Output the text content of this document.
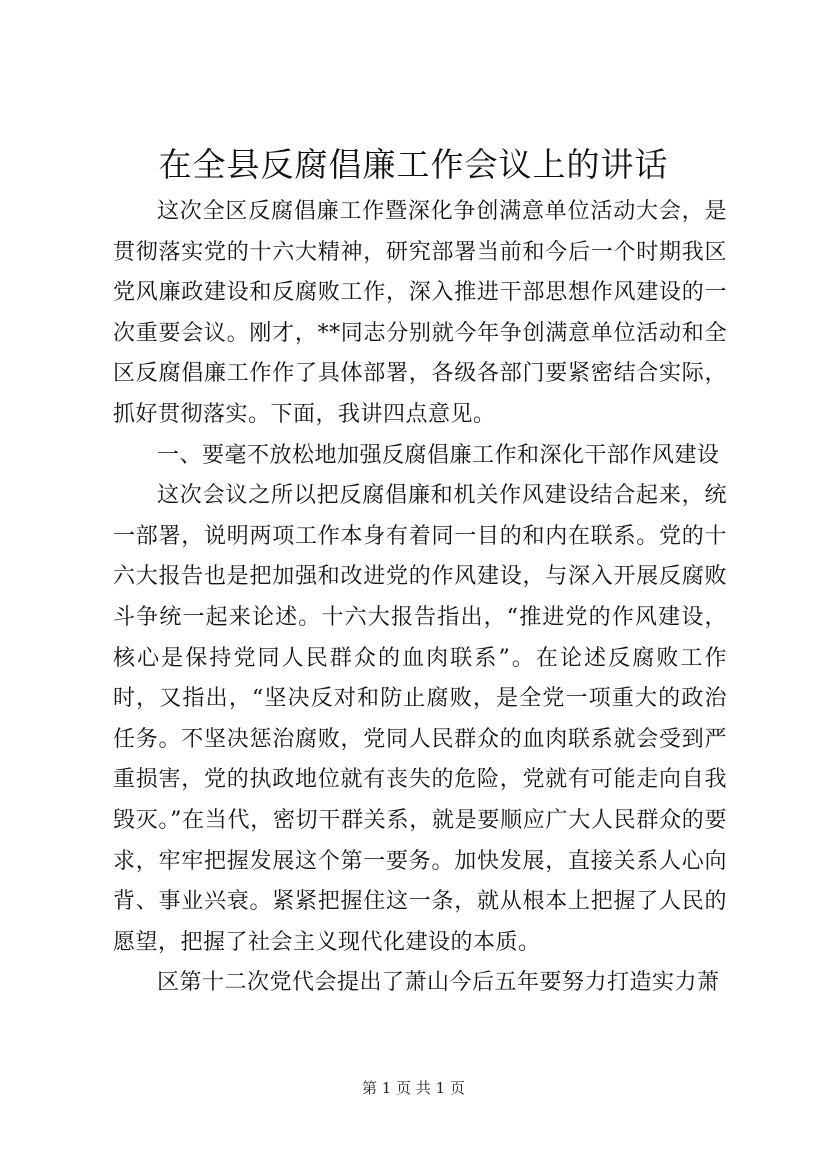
在全县反腐倡廉工作会议上的讲话

这次全区反腐倡廉工作暨深化争创满意单位活动大会，是贯彻落实党的十六大精神，研究部署当前和今后一个时期我区党风廉政建设和反腐败工作，深入推进干部思想作风建设的一次重要会议。刚才，**同志分别就今年争创满意单位活动和全区反腐倡廉工作作了具体部署，各级各部门要紧密结合实际，抓好贯彻落实。下面，我讲四点意见。

一、要毫不放松地加强反腐倡廉工作和深化干部作风建设

这次会议之所以把反腐倡廉和机关作风建设结合起来，统一部署，说明两项工作本身有着同一目的和内在联系。党的十六大报告也是把加强和改进党的作风建设，与深入开展反腐败斗争统一起来论述。十六大报告指出，“推进党的作风建设，核心是保持党同人民群众的血肉联系”。在论述反腐败工作时，又指出，“坚决反对和防止腐败，是全党一项重大的政治任务。不坚决惩治腐败，党同人民群众的血肉联系就会受到严重损害，党的执政地位就有丧失的危险，党就有可能走向自我毁灭。”在当代，密切干群关系，就是要顺应广大人民群众的要求，牢牢把握发展这个第一要务。加快发展，直接关系人心向背、事业兴衰。紧紧把握住这一条，就从根本上把握了人民的愿望，把握了社会主义现代化建设的本质。

区第十二次党代会提出了萧山今后五年要努力打造实力萧

第 1 页 共 1 页
